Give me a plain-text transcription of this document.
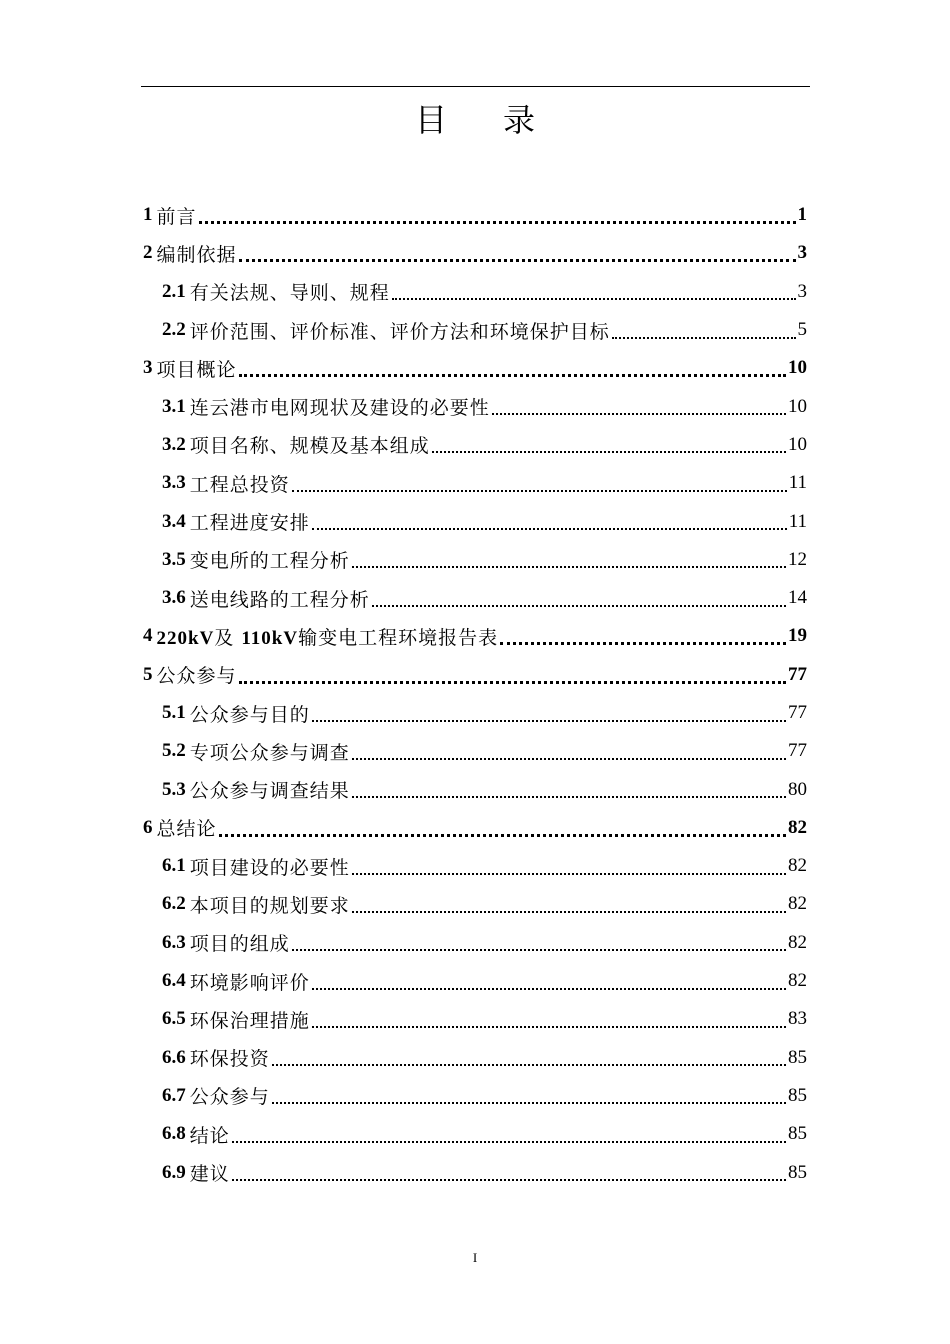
目 录
1 前言	1
2 编制依据	3
2.1 有关法规、导则、规程	3
2.2 评价范围、评价标准、评价方法和环境保护目标	5
3 项目概论	10
3.1 连云港市电网现状及建设的必要性	10
3.2 项目名称、规模及基本组成	10
3.3 工程总投资	11
3.4 工程进度安排	11
3.5 变电所的工程分析	12
3.6 送电线路的工程分析	14
4 220kV及 110kV输变电工程环境报告表	19
5 公众参与	77
5.1 公众参与目的	77
5.2 专项公众参与调查	77
5.3 公众参与调查结果	80
6 总结论	82
6.1 项目建设的必要性	82
6.2 本项目的规划要求	82
6.3 项目的组成	82
6.4 环境影响评价	82
6.5 环保治理措施	83
6.6 环保投资	85
6.7 公众参与	85
6.8 结论	85
6.9 建议	85
I
